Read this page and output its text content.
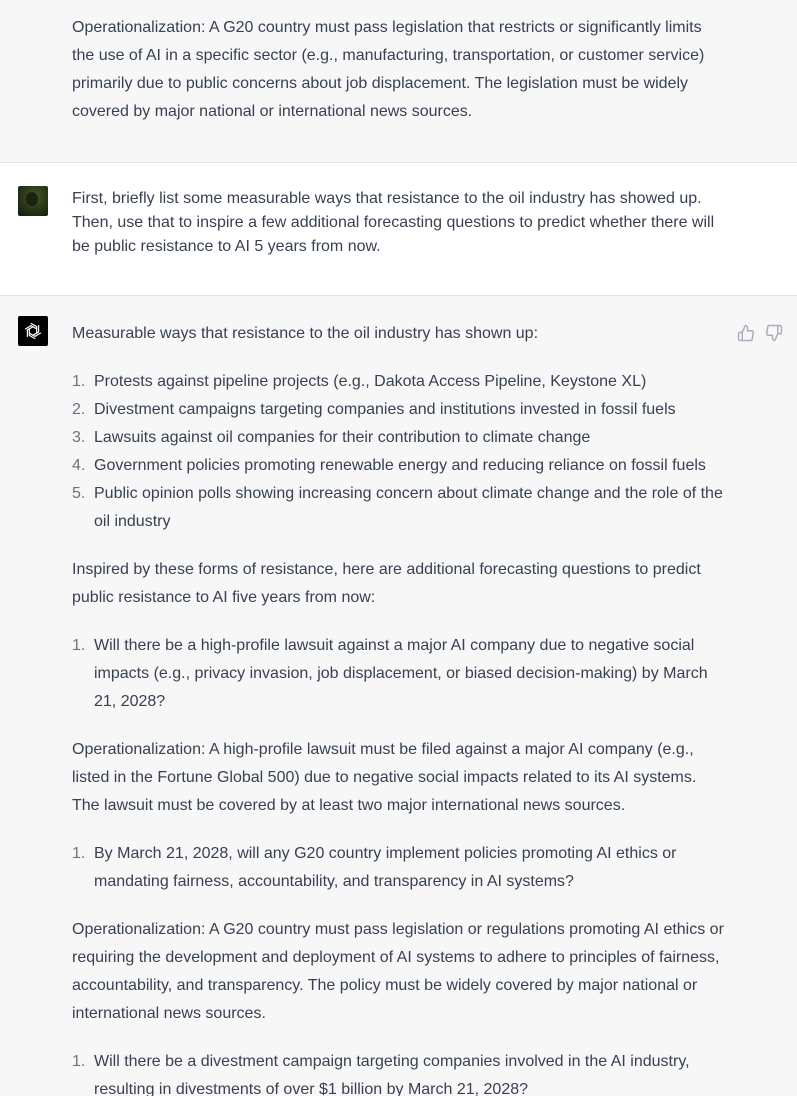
Operationalization: A G20 country must pass legislation that restricts or significantly limits the use of AI in a specific sector (e.g., manufacturing, transportation, or customer service) primarily due to public concerns about job displacement. The legislation must be widely covered by major national or international news sources.

First, briefly list some measurable ways that resistance to the oil industry has showed up. Then, use that to inspire a few additional forecasting questions to predict whether there will be public resistance to AI 5 years from now.

Measurable ways that resistance to the oil industry has shown up:

1. Protests against pipeline projects (e.g., Dakota Access Pipeline, Keystone XL)
2. Divestment campaigns targeting companies and institutions invested in fossil fuels
3. Lawsuits against oil companies for their contribution to climate change
4. Government policies promoting renewable energy and reducing reliance on fossil fuels
5. Public opinion polls showing increasing concern about climate change and the role of the oil industry

Inspired by these forms of resistance, here are additional forecasting questions to predict public resistance to AI five years from now:

1. Will there be a high-profile lawsuit against a major AI company due to negative social impacts (e.g., privacy invasion, job displacement, or biased decision-making) by March 21, 2028?

Operationalization: A high-profile lawsuit must be filed against a major AI company (e.g., listed in the Fortune Global 500) due to negative social impacts related to its AI systems. The lawsuit must be covered by at least two major international news sources.

1. By March 21, 2028, will any G20 country implement policies promoting AI ethics or mandating fairness, accountability, and transparency in AI systems?

Operationalization: A G20 country must pass legislation or regulations promoting AI ethics or requiring the development and deployment of AI systems to adhere to principles of fairness, accountability, and transparency. The policy must be widely covered by major national or international news sources.

1. Will there be a divestment campaign targeting companies involved in the AI industry, resulting in divestments of over $1 billion by March 21, 2028?
